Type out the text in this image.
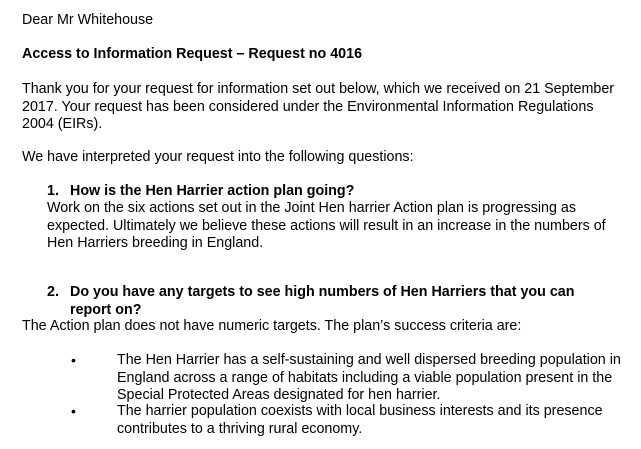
Dear Mr Whitehouse
Access to Information Request – Request no 4016
Thank you for your request for information set out below, which we received on 21 September 2017. Your request has been considered under the Environmental Information Regulations 2004 (EIRs).
We have interpreted your request into the following questions:
1. How is the Hen Harrier action plan going?
Work on the six actions set out in the Joint Hen harrier Action plan is progressing as expected. Ultimately we believe these actions will result in an increase in the numbers of Hen Harriers breeding in England.
2. Do you have any targets to see high numbers of Hen Harriers that you can report on?
The Action plan does not have numeric targets. The plan’s success criteria are:
•	The Hen Harrier has a self-sustaining and well dispersed breeding population in England across a range of habitats including a viable population present in the Special Protected Areas designated for hen harrier.
•	The harrier population coexists with local business interests and its presence contributes to a thriving rural economy.
